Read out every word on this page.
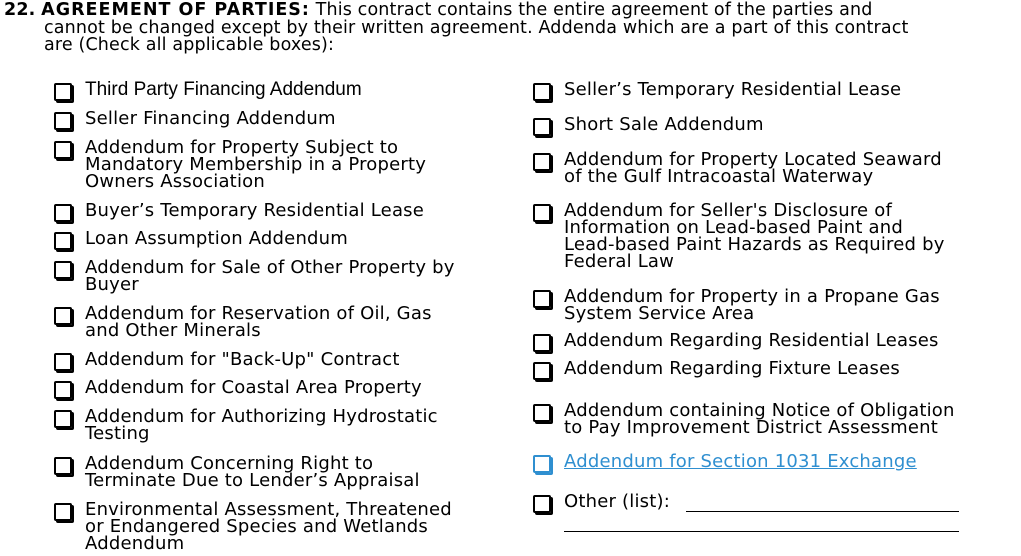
22. AGREEMENT OF PARTIES: This contract contains the entire agreement of the parties and
cannot be changed except by their written agreement. Addenda which are a part of this contract
are (Check all applicable boxes):
Third Party Financing Addendum
Seller Financing Addendum
Addendum for Property Subject to
Mandatory Membership in a Property
Owners Association
Buyer’s Temporary Residential Lease
Loan Assumption Addendum
Addendum for Sale of Other Property by
Buyer
Addendum for Reservation of Oil, Gas
and Other Minerals
Addendum for "Back-Up" Contract
Addendum for Coastal Area Property
Addendum for Authorizing Hydrostatic
Testing
Addendum Concerning Right to
Terminate Due to Lender’s Appraisal
Environmental Assessment, Threatened
or Endangered Species and Wetlands
Addendum
Seller’s Temporary Residential Lease
Short Sale Addendum
Addendum for Property Located Seaward
of the Gulf Intracoastal Waterway
Addendum for Seller's Disclosure of
Information on Lead-based Paint and
Lead-based Paint Hazards as Required by
Federal Law
Addendum for Property in a Propane Gas
System Service Area
Addendum Regarding Residential Leases
Addendum Regarding Fixture Leases
Addendum containing Notice of Obligation
to Pay Improvement District Assessment
Addendum for Section 1031 Exchange
Other (list):
